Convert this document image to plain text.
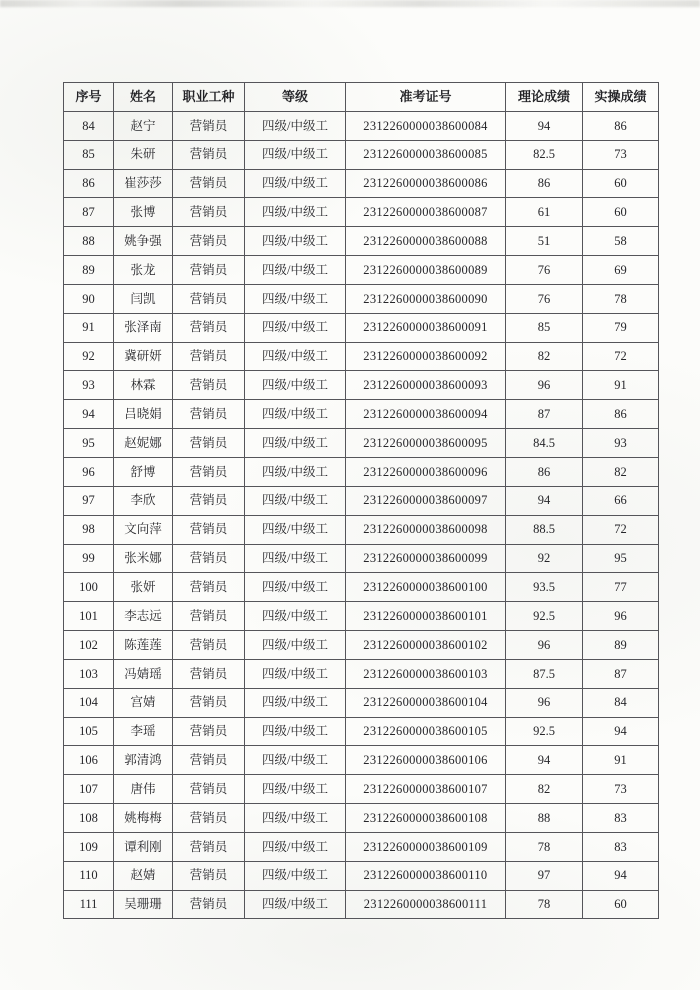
序号	姓名	职业工种	等级	准考证号	理论成绩	实操成绩
84	赵宁	营销员	四级/中级工	2312260000038600084	94	86
85	朱研	营销员	四级/中级工	2312260000038600085	82.5	73
86	崔莎莎	营销员	四级/中级工	2312260000038600086	86	60
87	张博	营销员	四级/中级工	2312260000038600087	61	60
88	姚争强	营销员	四级/中级工	2312260000038600088	51	58
89	张龙	营销员	四级/中级工	2312260000038600089	76	69
90	闫凯	营销员	四级/中级工	2312260000038600090	76	78
91	张泽南	营销员	四级/中级工	2312260000038600091	85	79
92	冀研妍	营销员	四级/中级工	2312260000038600092	82	72
93	林霖	营销员	四级/中级工	2312260000038600093	96	91
94	吕晓娟	营销员	四级/中级工	2312260000038600094	87	86
95	赵妮娜	营销员	四级/中级工	2312260000038600095	84.5	93
96	舒博	营销员	四级/中级工	2312260000038600096	86	82
97	李欣	营销员	四级/中级工	2312260000038600097	94	66
98	文向萍	营销员	四级/中级工	2312260000038600098	88.5	72
99	张米娜	营销员	四级/中级工	2312260000038600099	92	95
100	张妍	营销员	四级/中级工	2312260000038600100	93.5	77
101	李志远	营销员	四级/中级工	2312260000038600101	92.5	96
102	陈莲莲	营销员	四级/中级工	2312260000038600102	96	89
103	冯婧瑶	营销员	四级/中级工	2312260000038600103	87.5	87
104	宫婧	营销员	四级/中级工	2312260000038600104	96	84
105	李瑶	营销员	四级/中级工	2312260000038600105	92.5	94
106	郭清鸿	营销员	四级/中级工	2312260000038600106	94	91
107	唐伟	营销员	四级/中级工	2312260000038600107	82	73
108	姚梅梅	营销员	四级/中级工	2312260000038600108	88	83
109	谭利刚	营销员	四级/中级工	2312260000038600109	78	83
110	赵婧	营销员	四级/中级工	2312260000038600110	97	94
111	吴珊珊	营销员	四级/中级工	2312260000038600111	78	60
